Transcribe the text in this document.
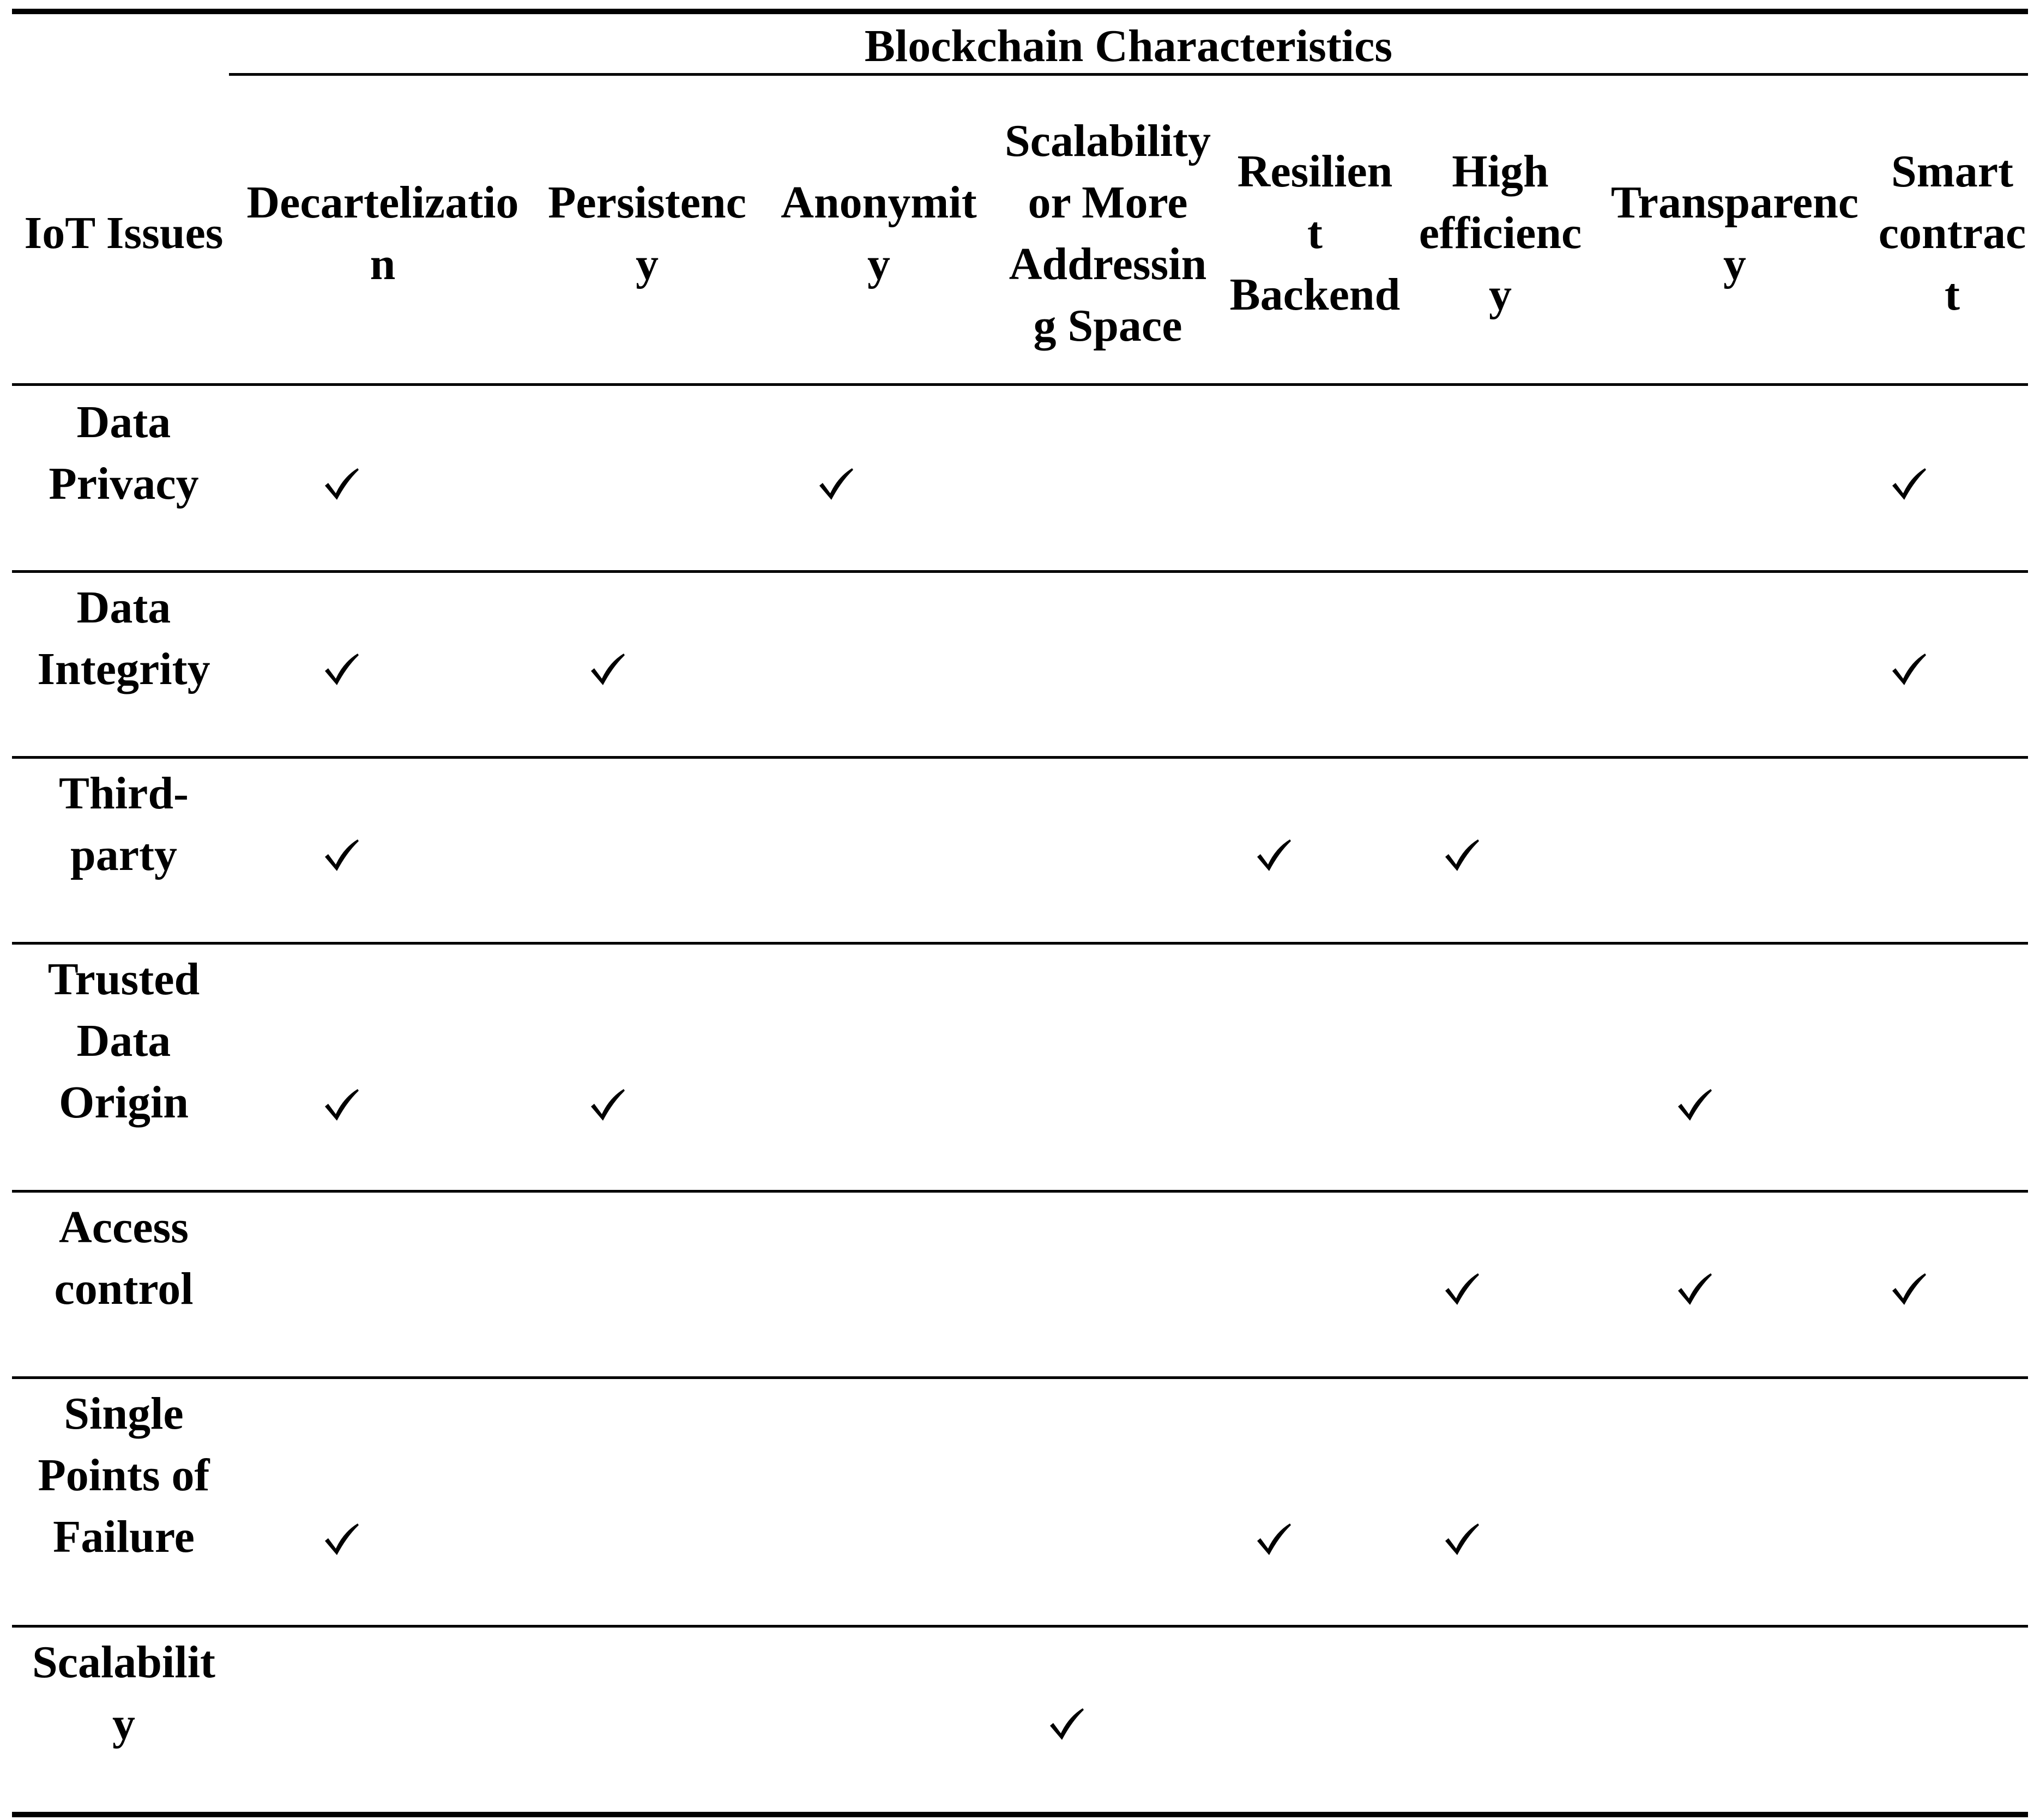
Blockchain Characteristics
IoT Issues
Decartelizatio
n
Persistenc
y
Anonymit
y
Scalability
or More
Addressin
g Space
Resilien
t
Backend
High
efficienc
y
Transparenc
y
Smart
contrac
t
Data
Privacy
Data
Integrity
Third-
party
Trusted
Data
Origin
Access
control
Single
Points of
Failure
Scalabilit
y
